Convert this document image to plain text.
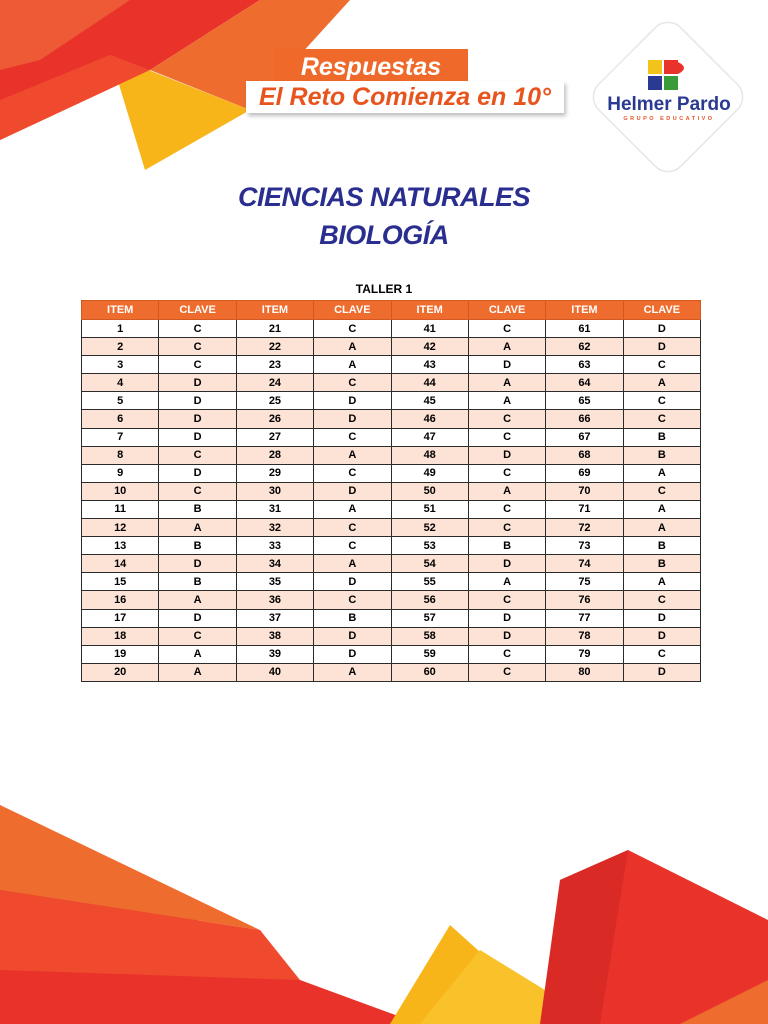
Respuestas
El Reto Comienza en 10°	Helmer Pardo
GRUPO EDUCATIVO
CIENCIAS NATURALES
BIOLOGÍA
TALLER 1
ITEM	CLAVE	ITEM	CLAVE	ITEM	CLAVE	ITEM	CLAVE
1	C	21	C	41	C	61	D
2	C	22	A	42	A	62	D
3	C	23	A	43	D	63	C
4	D	24	C	44	A	64	A
5	D	25	D	45	A	65	C
6	D	26	D	46	C	66	C
7	D	27	C	47	C	67	B
8	C	28	A	48	D	68	B
9	D	29	C	49	C	69	A
10	C	30	D	50	A	70	C
11	B	31	A	51	C	71	A
12	A	32	C	52	C	72	A
13	B	33	C	53	B	73	B
14	D	34	A	54	D	74	B
15	B	35	D	55	A	75	A
16	A	36	C	56	C	76	C
17	D	37	B	57	D	77	D
18	C	38	D	58	D	78	D
19	A	39	D	59	C	79	C
20	A	40	A	60	C	80	D
